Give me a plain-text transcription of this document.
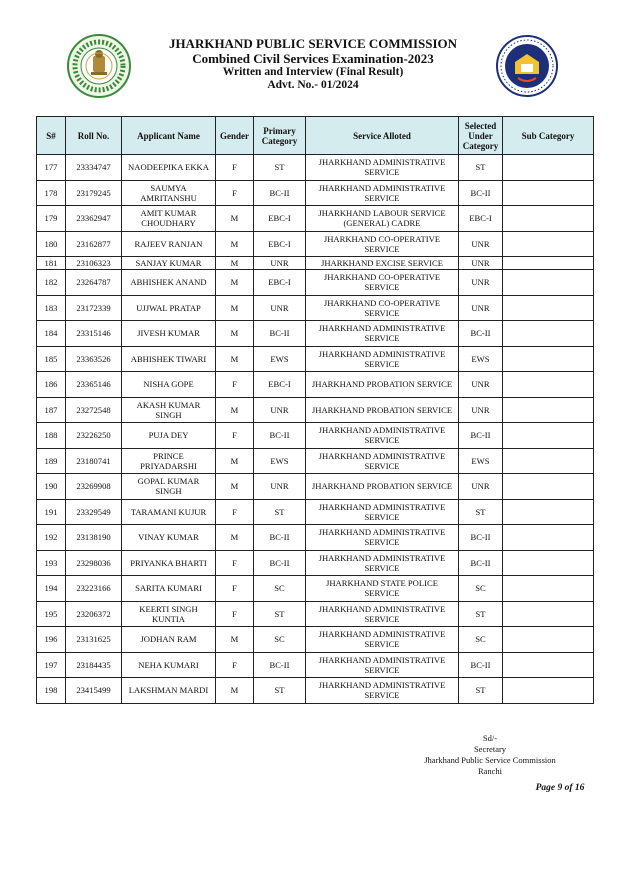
JHARKHAND PUBLIC SERVICE COMMISSION
Combined Civil Services Examination-2023
Written and Interview (Final Result)
Advt. No.- 01/2024
S#	Roll No.	Applicant Name	Gender	Primary Category	Service Alloted	Selected Under Category	Sub Category
177	23334747	NAODEEPIKA EKKA	F	ST	JHARKHAND ADMINISTRATIVE SERVICE	ST	
178	23179245	SAUMYA AMRITANSHU	F	BC-II	JHARKHAND ADMINISTRATIVE SERVICE	BC-II	
179	23362947	AMIT KUMAR CHOUDHARY	M	EBC-I	JHARKHAND LABOUR SERVICE (GENERAL) CADRE	EBC-I	
180	23162877	RAJEEV RANJAN	M	EBC-I	JHARKHAND CO-OPERATIVE SERVICE	UNR	
181	23106323	SANJAY KUMAR	M	UNR	JHARKHAND EXCISE SERVICE	UNR	
182	23264787	ABHISHEK ANAND	M	EBC-I	JHARKHAND CO-OPERATIVE SERVICE	UNR	
183	23172339	UJJWAL PRATAP	M	UNR	JHARKHAND CO-OPERATIVE SERVICE	UNR	
184	23315146	JIVESH KUMAR	M	BC-II	JHARKHAND ADMINISTRATIVE SERVICE	BC-II	
185	23363526	ABHISHEK TIWARI	M	EWS	JHARKHAND ADMINISTRATIVE SERVICE	EWS	
186	23365146	NISHA GOPE	F	EBC-I	JHARKHAND PROBATION SERVICE	UNR	
187	23272548	AKASH KUMAR SINGH	M	UNR	JHARKHAND PROBATION SERVICE	UNR	
188	23226250	PUJA DEY	F	BC-II	JHARKHAND ADMINISTRATIVE SERVICE	BC-II	
189	23180741	PRINCE PRIYADARSHI	M	EWS	JHARKHAND ADMINISTRATIVE SERVICE	EWS	
190	23269908	GOPAL KUMAR SINGH	M	UNR	JHARKHAND PROBATION SERVICE	UNR	
191	23329549	TARAMANI KUJUR	F	ST	JHARKHAND ADMINISTRATIVE SERVICE	ST	
192	23138190	VINAY KUMAR	M	BC-II	JHARKHAND ADMINISTRATIVE SERVICE	BC-II	
193	23298036	PRIYANKA BHARTI	F	BC-II	JHARKHAND ADMINISTRATIVE SERVICE	BC-II	
194	23223166	SARITA KUMARI	F	SC	JHARKHAND STATE POLICE SERVICE	SC	
195	23206372	KEERTI SINGH KUNTIA	F	ST	JHARKHAND ADMINISTRATIVE SERVICE	ST	
196	23131625	JODHAN RAM	M	SC	JHARKHAND ADMINISTRATIVE SERVICE	SC	
197	23184435	NEHA KUMARI	F	BC-II	JHARKHAND ADMINISTRATIVE SERVICE	BC-II	
198	23415499	LAKSHMAN MARDI	M	ST	JHARKHAND ADMINISTRATIVE SERVICE	ST	
Sd/-
Secretary
Jharkhand Public Service Commission
Ranchi
Page 9 of 16
